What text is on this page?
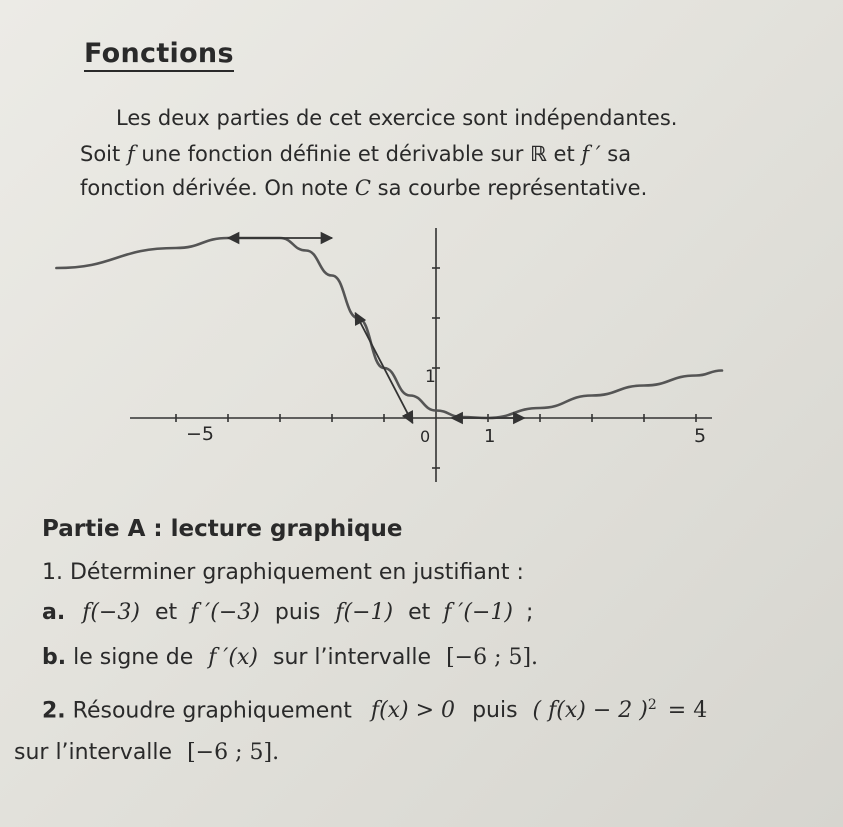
Fonctions
Les deux parties de cet exercice sont indépendantes.
Soit f une fonction définie et dérivable sur ℝ et f ′ sa
fonction dérivée. On note C sa courbe représentative.
−5	0	1	5
1
Partie A : lecture graphique
1. Déterminer graphiquement en justifiant :
a. f(−3) et f ′(−3) puis f(−1) et f ′(−1) ;
b. le signe de f ′(x) sur l’intervalle [−6 ; 5].
2. Résoudre graphiquement f(x) > 0 puis ( f(x) − 2 )$^2$ = 4
sur l’intervalle [−6 ; 5].
